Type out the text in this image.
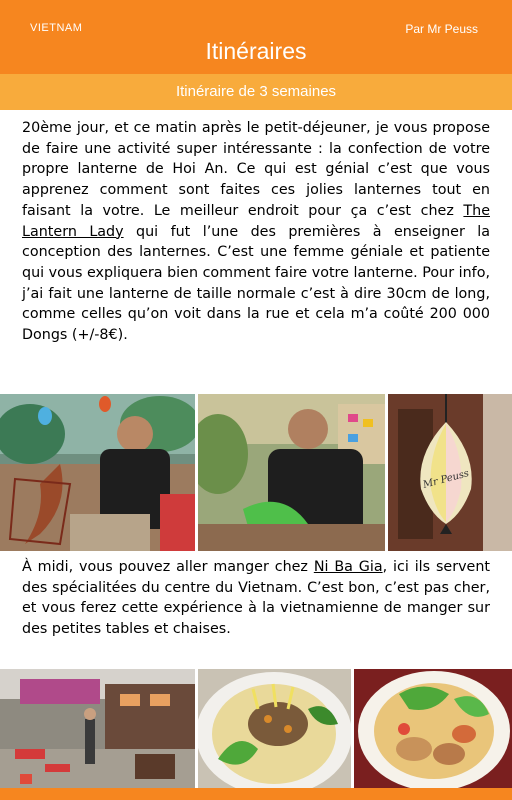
VIETNAM	Par Mr Peuss
Itinéraires
Itinéraire de 3 semaines

20ème jour, et ce matin après le petit-déjeuner, je vous propose de faire une activité super intéressante : la confection de votre propre lanterne de Hoi An. Ce qui est génial c’est que vous apprenez comment sont faites ces jolies lanternes tout en faisant la votre. Le meilleur endroit pour ça c’est chez The Lantern Lady qui fut l’une des premières à enseigner la conception des lanternes. C’est une femme géniale et patiente qui vous expliquera bien comment faire votre lanterne. Pour info, j’ai fait une lanterne de taille normale c’est à dire 30cm de long, comme celles qu’on voit dans la rue et cela m’a coûté 200 000 Dongs (+/-8€).

Mr Peuss

À midi, vous pouvez aller manger chez Ni Ba Gia, ici ils servent des spécialitées du centre du Vietnam. C’est bon, c’est pas cher, et vous ferez cette expérience à la vietnamienne de manger sur des petites tables et chaises.
